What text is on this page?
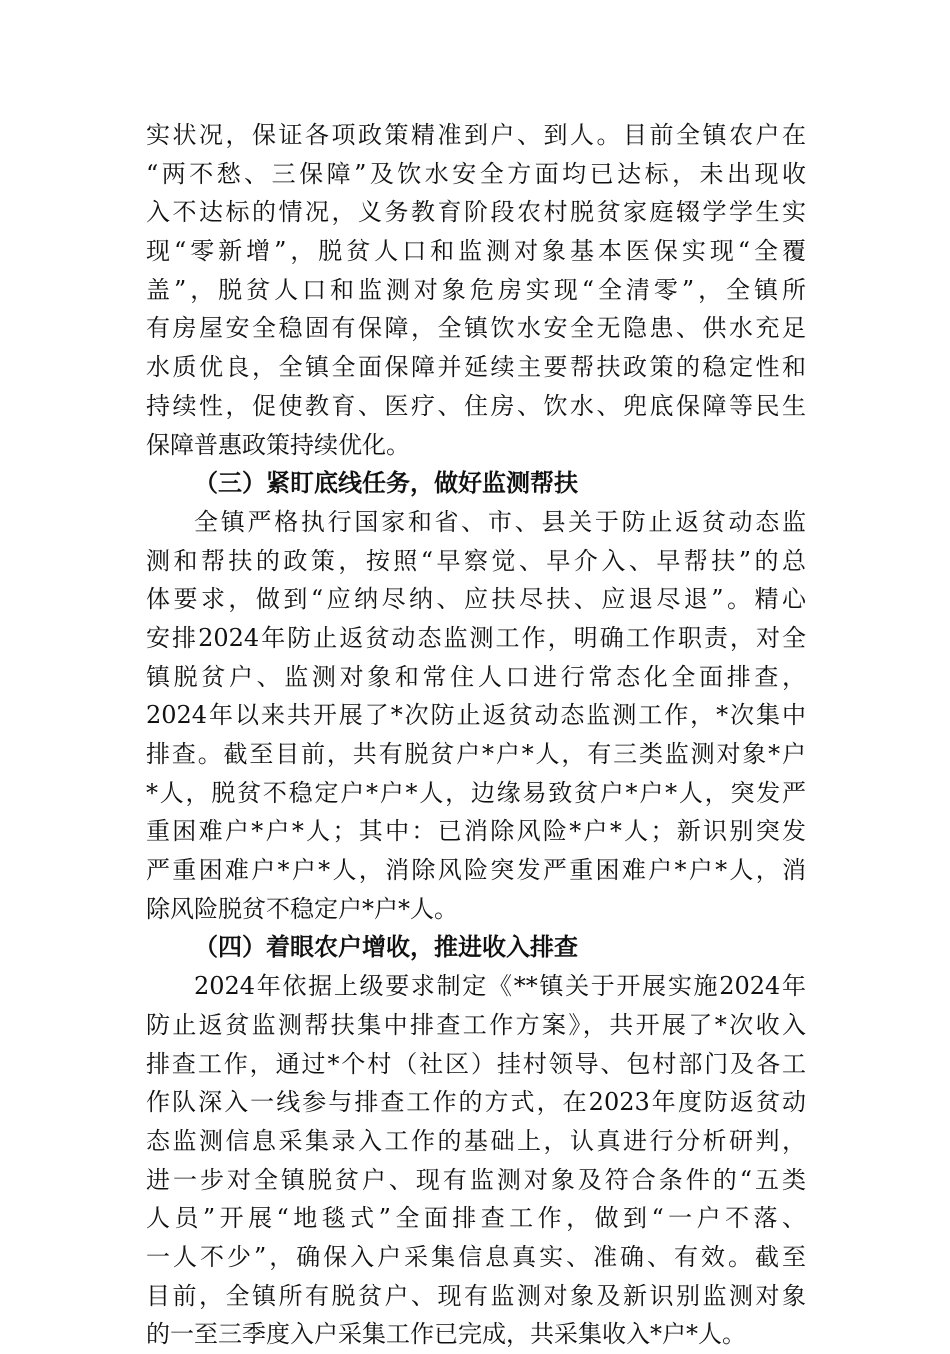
实状况，保证各项政策精准到户、到人。目前全镇农户在
“两不愁、三保障”及饮水安全方面均已达标，未出现收
入不达标的情况，义务教育阶段农村脱贫家庭辍学学生实
现“零新增”，脱贫人口和监测对象基本医保实现“全覆
盖”，脱贫人口和监测对象危房实现“全清零”，全镇所
有房屋安全稳固有保障，全镇饮水安全无隐患、供水充足
水质优良，全镇全面保障并延续主要帮扶政策的稳定性和
持续性，促使教育、医疗、住房、饮水、兜底保障等民生
保障普惠政策持续优化。
（三）紧盯底线任务，做好监测帮扶
全镇严格执行国家和省、市、县关于防止返贫动态监
测和帮扶的政策，按照“早察觉、早介入、早帮扶”的总
体要求，做到“应纳尽纳、应扶尽扶、应退尽退”。精心
安排2024年防止返贫动态监测工作，明确工作职责，对全
镇脱贫户、监测对象和常住人口进行常态化全面排查，
2024年以来共开展了*次防止返贫动态监测工作，*次集中
排查。截至目前，共有脱贫户*户*人，有三类监测对象*户
*人，脱贫不稳定户*户*人，边缘易致贫户*户*人，突发严
重困难户*户*人；其中：已消除风险*户*人；新识别突发
严重困难户*户*人，消除风险突发严重困难户*户*人，消
除风险脱贫不稳定户*户*人。
（四）着眼农户增收，推进收入排查
2024年依据上级要求制定《**镇关于开展实施2024年
防止返贫监测帮扶集中排查工作方案》，共开展了*次收入
排查工作，通过*个村（社区）挂村领导、包村部门及各工
作队深入一线参与排查工作的方式，在2023年度防返贫动
态监测信息采集录入工作的基础上，认真进行分析研判，
进一步对全镇脱贫户、现有监测对象及符合条件的“五类
人员”开展“地毯式”全面排查工作，做到“一户不落、
一人不少”，确保入户采集信息真实、准确、有效。截至
目前，全镇所有脱贫户、现有监测对象及新识别监测对象
的一至三季度入户采集工作已完成，共采集收入*户*人。
